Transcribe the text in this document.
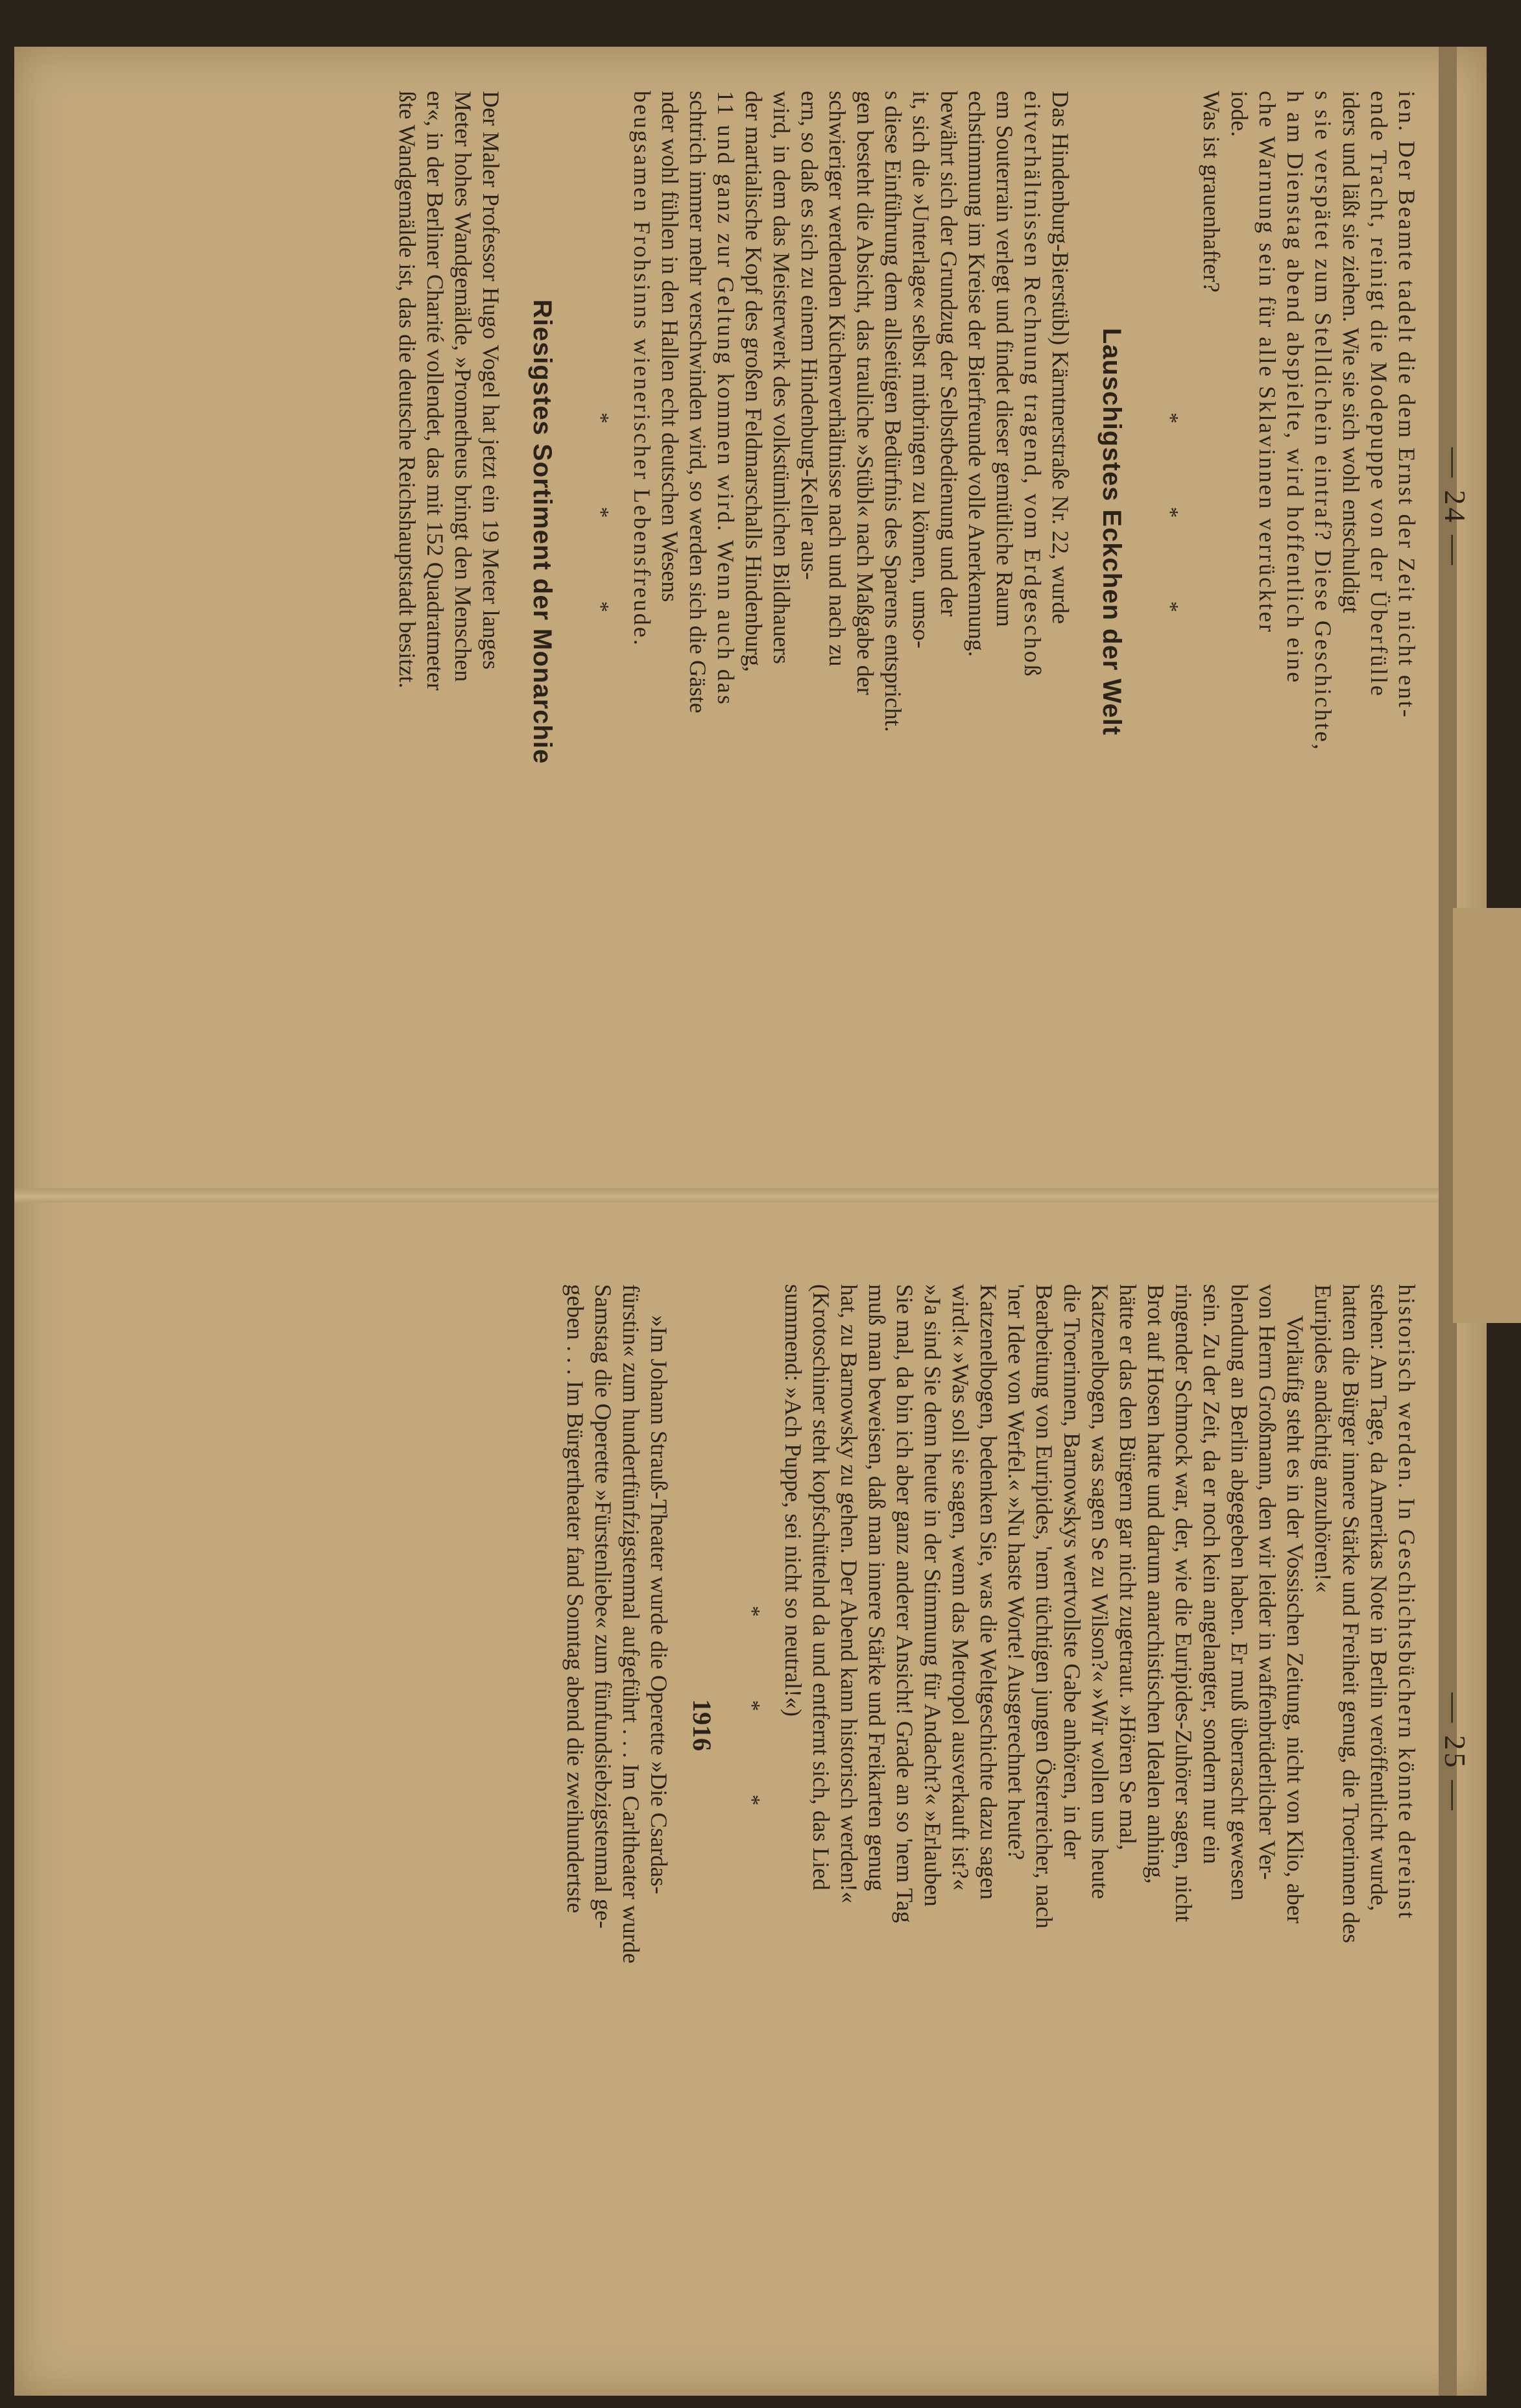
— 24 —

ien. Der Beamte tadelt die dem Ernst der Zeit nicht ent-

ende Tracht, reinigt die Modepuppe von der Überfülle

iders und läßt sie ziehen. Wie sie sich wohl entschuldigt

s sie verspätet zum Stelldichein eintraf? Diese Geschichte,

h am Dienstag abend abspielte, wird hoffentlich eine

che Warnung sein für alle Sklavinnen verrückter

iode.

Was ist grauenhafter?

* * *
Lauschigstes Eckchen der Welt

Das Hindenburg-Bierstübl) Kärntnerstraße Nr. 22, wurde

eitverhältnissen Rechnung tragend, vom Erdgeschoß

em Souterrain verlegt und findet dieser gemütliche Raum

echstimmung im Kreise der Bierfreunde volle Anerkennung.

bewährt sich der Grundzug der Selbstbedienung und der

it, sich die »Unterlage« selbst mitbringen zu können, umso-

s diese Einführung dem allseitigen Bedürfnis des Sparens entspricht.

gen besteht die Absicht, das trauliche »Stübl« nach Maßgabe der

schwieriger werdenden Küchenverhältnisse nach und nach zu

ern, so daß es sich zu einem Hindenburg-Keller aus-

wird, in dem das Meisterwerk des volkstümlichen Bildhauers

der martialische Kopf des großen Feldmarschalls Hindenburg,

11 und ganz zur Geltung kommen wird. Wenn auch das

schtrich immer mehr verschwinden wird, so werden sich die Gäste

nder wohl fühlen in den Hallen echt deutschen Wesens

beugsamen Frohsinns wienerischer Lebensfreude.

* * *
Riesigstes Sortiment der Monarchie

Der Maler Professor Hugo Vogel hat jetzt ein 19 Meter langes

Meter hohes Wandgemälde, »Prometheus bringt den Menschen

er«, in der Berliner Charité vollendet, das mit 152 Quadratmeter

ßte Wandgemälde ist, das die deutsche Reichshauptstadt besitzt.

— 25 —

historisch werden. In Geschichtsbüchern könnte dereinst

stehen: Am Tage, da Amerikas Note in Berlin veröffentlicht wurde,

hatten die Bürger innere Stärke und Freiheit genug, die Troerinnen des

Euripides andächtig anzuhören!«

Vorläufig steht es in der Vossischen Zeitung, nicht von Klio, aber

von Herrn Großmann, den wir leider in waffenbrüderlicher Ver-

blendung an Berlin abgegeben haben. Er muß überrascht gewesen

sein. Zu der Zeit, da er noch kein angelangter, sondern nur ein

ringender Schmock war, der, wie die Euripides-Zuhörer sagen, nicht

Brot auf Hosen hatte und darum anarchistischen Idealen anhing,

hätte er das den Bürgern gar nicht zugetraut. »Hören Se mal,

Katzenelbogen, was sagen Se zu Wilson?« »Wir wollen uns heute

die Troerinnen, Barnowskys wertvollste Gabe anhören, in der

Bearbeitung von Euripides, 'nem tüchtigen jungen Österreicher, nach

'ner Idee von Werfel.« »Nu haste Worte! Ausgerechnet heute?

Katzenelbogen, bedenken Sie, was die Weltgeschichte dazu sagen

wird!« »Was soll sie sagen, wenn das Metropol ausverkauft ist?«

»Ja sind Sie denn heute in der Stimmung für Andacht?« »Erlauben

Sie mal, da bin ich aber ganz anderer Ansicht! Grade an so 'nem Tag

muß man beweisen, daß man innere Stärke und Freikarten genug

hat, zu Barnowsky zu gehen. Der Abend kann historisch werden!«

(Krotoschiner steht kopfschüttelnd da und entfernt sich, das Lied

summend: »Ach Puppe, sei nicht so neutral!«)

* * *
1916

»Im Johann Strauß-Theater wurde die Operette »Die Csardas-

fürstin« zum hundertfünfzigstenmal aufgeführt . . . Im Carltheater wurde

Samstag die Operette »Fürstenliebe« zum fünfundsiebzigstenmal ge-

geben . . . Im Bürgertheater fand Sonntag abend die zweihundertste
